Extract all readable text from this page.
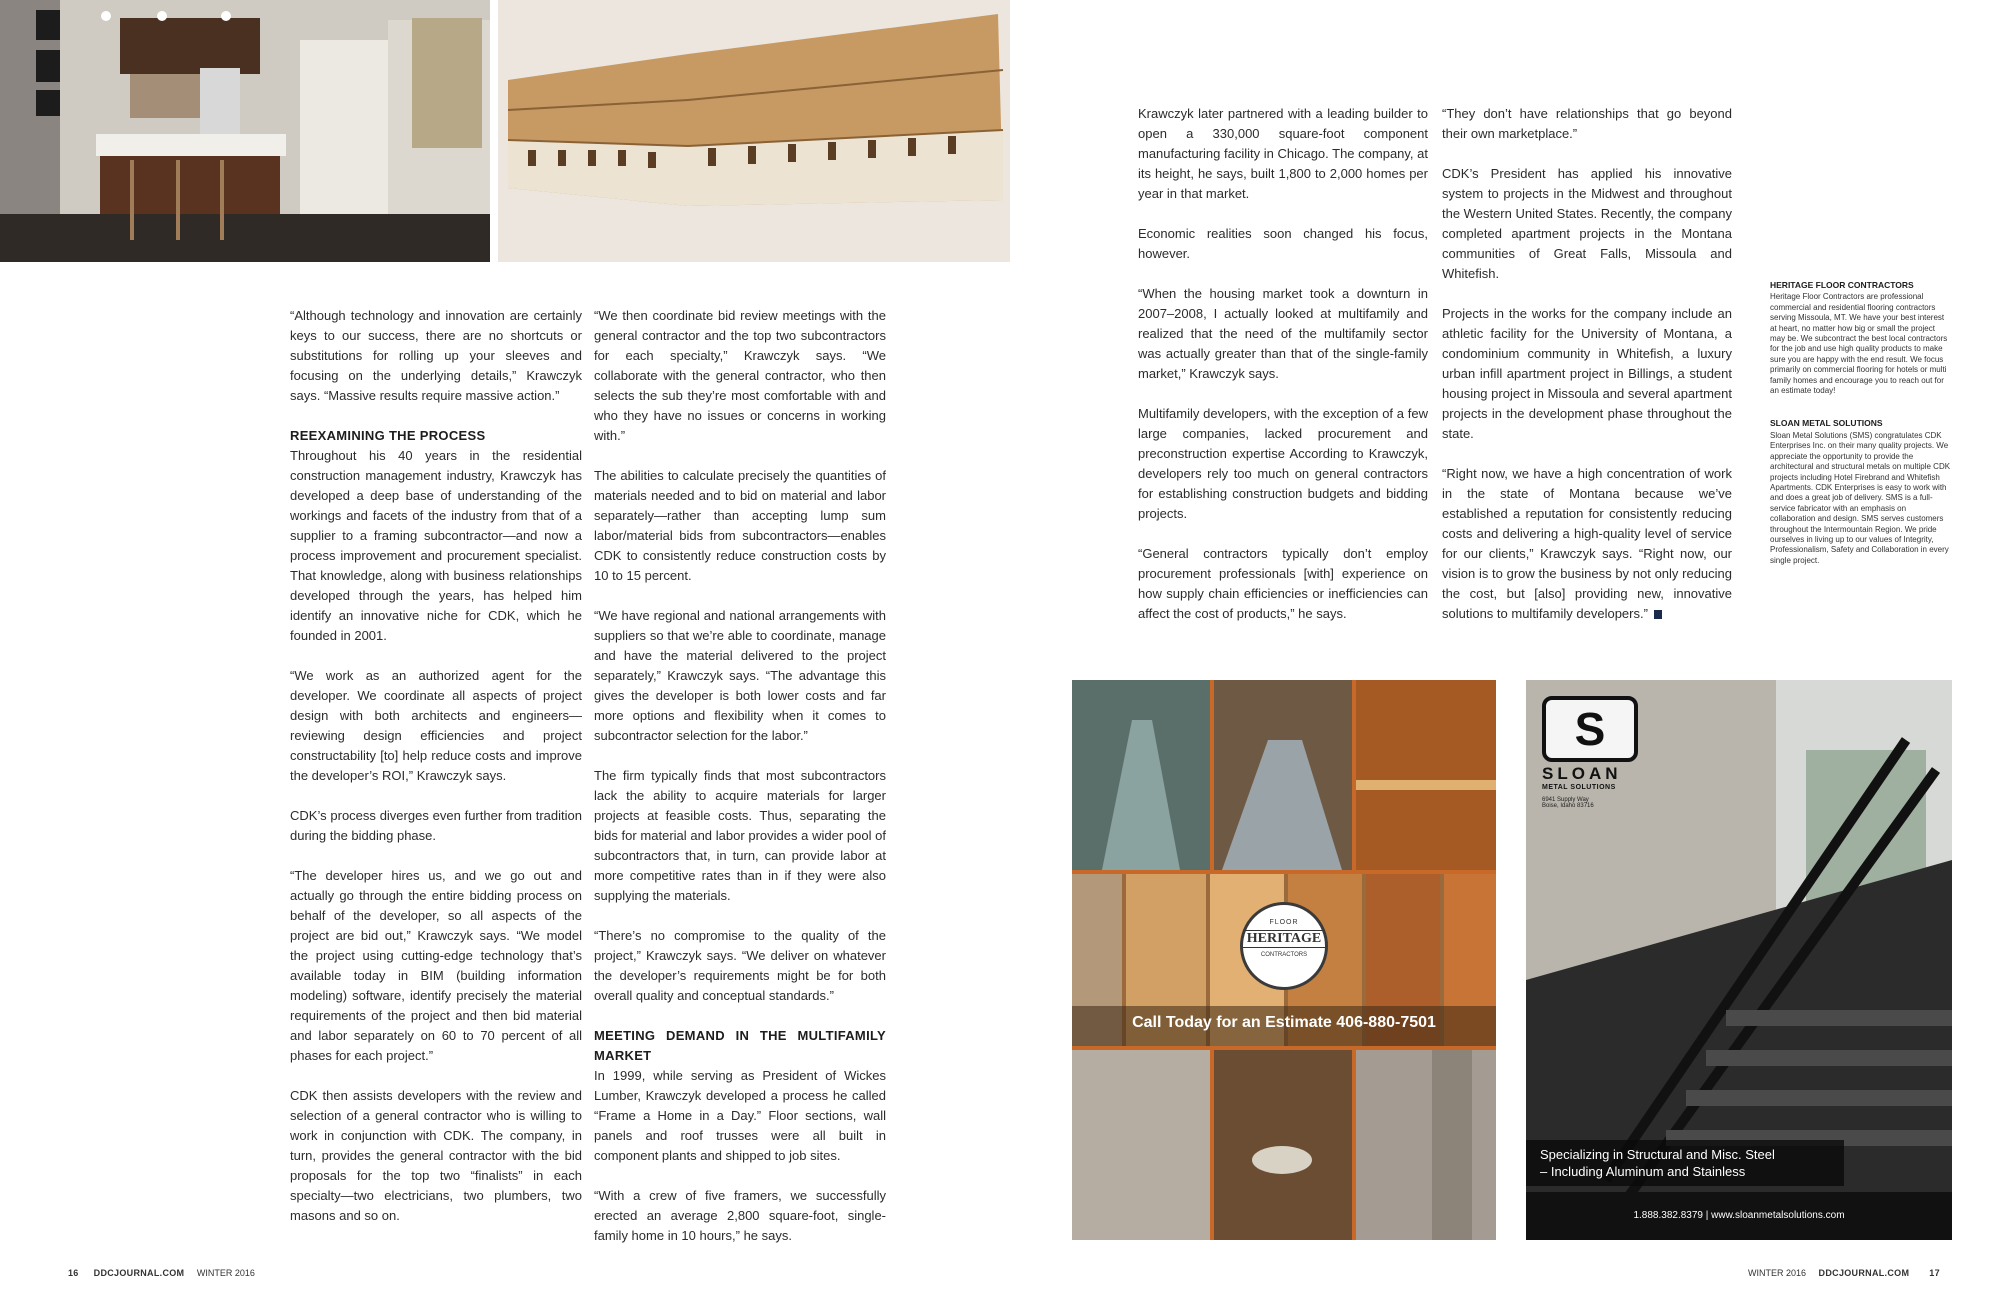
“Although technology and innovation are certainly keys to our success, there are no shortcuts or substitutions for rolling up your sleeves and focusing on the underlying details,” Krawczyk says. “Massive results require massive action.”

REEXAMINING THE PROCESS

Throughout his 40 years in the residential construction management industry, Krawczyk has developed a deep base of understanding of the workings and facets of the industry from that of a supplier to a framing subcontractor—and now a process improvement and procurement specialist. That knowledge, along with business relationships developed through the years, has helped him identify an innovative niche for CDK, which he founded in 2001.

“We work as an authorized agent for the developer. We coordinate all aspects of project design with both architects and engineers—reviewing design efficiencies and project constructability [to] help reduce costs and improve the developer’s ROI,” Krawczyk says.

CDK’s process diverges even further from tradition during the bidding phase.

“The developer hires us, and we go out and actually go through the entire bidding process on behalf of the developer, so all aspects of the project are bid out,” Krawczyk says. “We model the project using cutting-edge technology that’s available today in BIM (building information modeling) software, identify precisely the material requirements of the project and then bid material and labor separately on 60 to 70 percent of all phases for each project.”

CDK then assists developers with the review and selection of a general contractor who is willing to work in conjunction with CDK. The company, in turn, provides the general contractor with the bid proposals for the top two “finalists” in each specialty—two electricians, two plumbers, two masons and so on.

“We then coordinate bid review meetings with the general contractor and the top two subcontractors for each specialty,” Krawczyk says. “We collaborate with the general contractor, who then selects the sub they’re most comfortable with and who they have no issues or concerns in working with.”

The abilities to calculate precisely the quantities of materials needed and to bid on material and labor separately—rather than accepting lump sum labor/material bids from subcontractors—enables CDK to consistently reduce construction costs by 10 to 15 percent.

“We have regional and national arrangements with suppliers so that we’re able to coordinate, manage and have the material delivered to the project separately,” Krawczyk says. “The advantage this gives the developer is both lower costs and far more options and flexibility when it comes to subcontractor selection for the labor.”

The firm typically finds that most subcontractors lack the ability to acquire materials for larger projects at feasible costs. Thus, separating the bids for material and labor provides a wider pool of subcontractors that, in turn, can provide labor at more competitive rates than in if they were also supplying the materials.

“There’s no compromise to the quality of the project,” Krawczyk says. “We deliver on whatever the developer’s requirements might be for both overall quality and conceptual standards.”

MEETING DEMAND IN THE MULTIFAMILY MARKET

In 1999, while serving as President of Wickes Lumber, Krawczyk developed a process he called “Frame a Home in a Day.” Floor sections, wall panels and roof trusses were all built in component plants and shipped to job sites.

“With a crew of five framers, we successfully erected an average 2,800 square-foot, single-family home in 10 hours,” he says.

16 DDCJOURNAL.COM WINTER 2016

Krawczyk later partnered with a leading builder to open a 330,000 square-foot component manufacturing facility in Chicago. The company, at its height, he says, built 1,800 to 2,000 homes per year in that market.

Economic realities soon changed his focus, however.

“When the housing market took a downturn in 2007–2008, I actually looked at multifamily and realized that the need of the multifamily sector was actually greater than that of the single-family market,” Krawczyk says.

Multifamily developers, with the exception of a few large companies, lacked procurement and preconstruction expertise According to Krawczyk, developers rely too much on general contractors for establishing construction budgets and bidding projects.

“General contractors typically don’t employ procurement professionals [with] experience on how supply chain efficiencies or inefficiencies can affect the cost of products,” he says.

“They don’t have relationships that go beyond their own marketplace.”

CDK’s President has applied his innovative system to projects in the Midwest and throughout the Western United States. Recently, the company completed apartment projects in the Montana communities of Great Falls, Missoula and Whitefish.

Projects in the works for the company include an athletic facility for the University of Montana, a condominium community in Whitefish, a luxury urban infill apartment project in Billings, a student housing project in Missoula and several apartment projects in the development phase throughout the state.

“Right now, we have a high concentration of work in the state of Montana because we’ve established a reputation for consistently reducing costs and delivering a high-quality level of service for our clients,” Krawczyk says. “Right now, our vision is to grow the business by not only reducing the cost, but [also] providing new, innovative solutions to multifamily developers.”

HERITAGE FLOOR CONTRACTORS

Heritage Floor Contractors are professional commercial and residential flooring contractors serving Missoula, MT. We have your best interest at heart, no matter how big or small the project may be. We subcontract the best local contractors for the job and use high quality products to make sure you are happy with the end result. We focus primarily on commercial flooring for hotels or multi family homes and encourage you to reach out for an estimate today!

SLOAN METAL SOLUTIONS

Sloan Metal Solutions (SMS) congratulates CDK Enterprises Inc. on their many quality projects. We appreciate the opportunity to provide the architectural and structural metals on multiple CDK projects including Hotel Firebrand and Whitefish Apartments. CDK Enterprises is easy to work with and does a great job of delivery. SMS is a full-service fabricator with an emphasis on collaboration and design. SMS serves customers throughout the Intermountain Region. We pride ourselves in living up to our values of Integrity, Professionalism, Safety and Collaboration in every single project.

FLOOR
HERITAGE
CONTRACTORS
Call Today for an Estimate 406-880-7501
S
SLOAN
METAL SOLUTIONS
6941 Supply Way
Boise, Idaho 83716
Specializing in Structural and Misc. Steel
– Including Aluminum and Stainless
1.888.382.8379 | www.sloanmetalsolutions.com
WINTER 2016 DDCJOURNAL.COM 17
